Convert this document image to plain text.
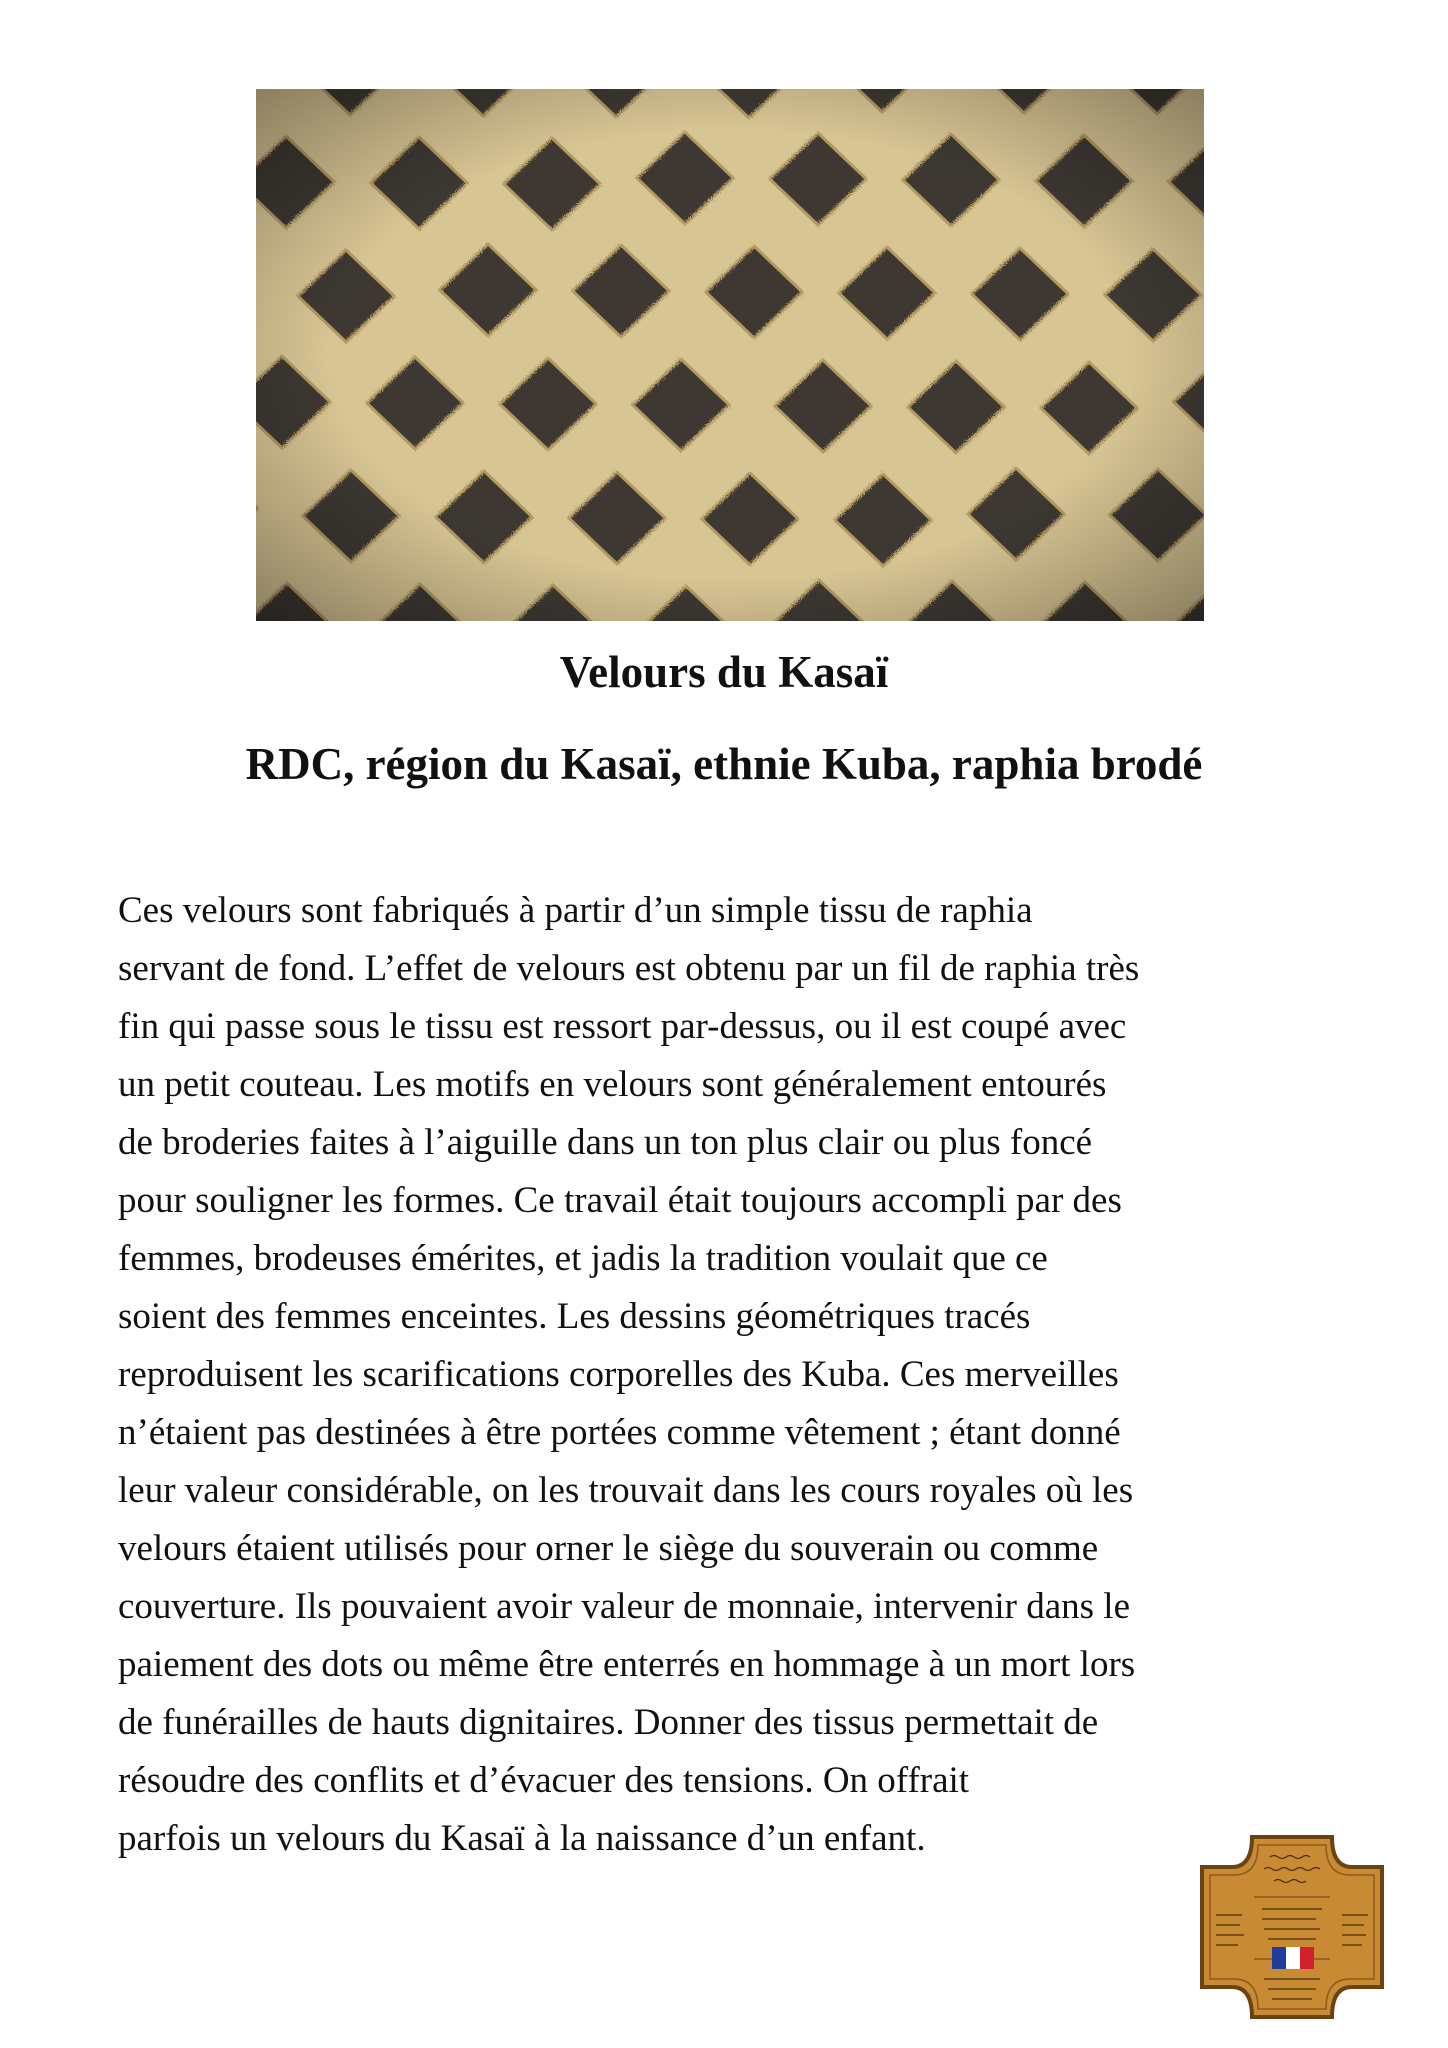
Velours du Kasaï
RDC, région du Kasaï, ethnie Kuba, raphia brodé

Ces velours sont fabriqués à partir d’un simple tissu de raphia
servant de fond. L’effet de velours est obtenu par un fil de raphia très
fin qui passe sous le tissu est ressort par-dessus, ou il est coupé avec
un petit couteau. Les motifs en velours sont généralement entourés
de broderies faites à l’aiguille dans un ton plus clair ou plus foncé
pour souligner les formes. Ce travail était toujours accompli par des
femmes, brodeuses émérites, et jadis la tradition voulait que ce
soient des femmes enceintes. Les dessins géométriques tracés
reproduisent les scarifications corporelles des Kuba. Ces merveilles
n’étaient pas destinées à être portées comme vêtement ; étant donné
leur valeur considérable, on les trouvait dans les cours royales où les
velours étaient utilisés pour orner le siège du souverain ou comme
couverture. Ils pouvaient avoir valeur de monnaie, intervenir dans le
paiement des dots ou même être enterrés en hommage à un mort lors
de funérailles de hauts dignitaires. Donner des tissus permettait de
résoudre des conflits et d’évacuer des tensions. On offrait
parfois un velours du Kasaï à la naissance d’un enfant.
